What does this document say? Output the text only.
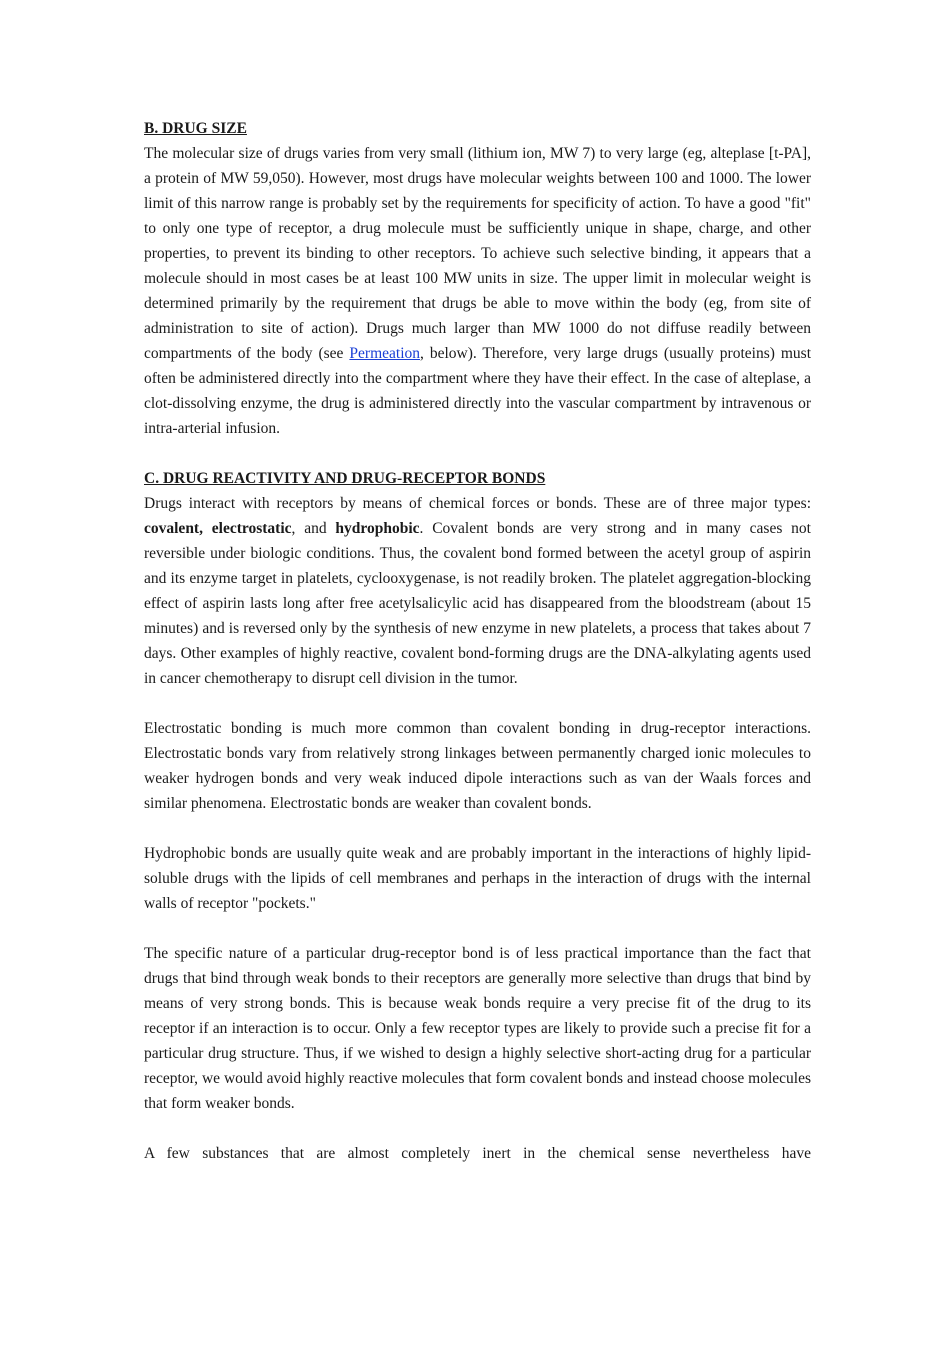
B. DRUG SIZE

The molecular size of drugs varies from very small (lithium ion, MW 7) to very large (eg, alteplase [t-PA], a protein of MW 59,050). However, most drugs have molecular weights between 100 and 1000. The lower limit of this narrow range is probably set by the requirements for specificity of action. To have a good "fit" to only one type of receptor, a drug molecule must be sufficiently unique in shape, charge, and other properties, to prevent its binding to other receptors. To achieve such selective binding, it appears that a molecule should in most cases be at least 100 MW units in size. The upper limit in molecular weight is determined primarily by the requirement that drugs be able to move within the body (eg, from site of administration to site of action). Drugs much larger than MW 1000 do not diffuse readily between compartments of the body (see Permeation, below). Therefore, very large drugs (usually proteins) must often be administered directly into the compartment where they have their effect. In the case of alteplase, a clot-dissolving enzyme, the drug is administered directly into the vascular compartment by intravenous or intra-arterial infusion.

C. DRUG REACTIVITY AND DRUG-RECEPTOR BONDS

Drugs interact with receptors by means of chemical forces or bonds. These are of three major types: covalent, electrostatic, and hydrophobic. Covalent bonds are very strong and in many cases not reversible under biologic conditions. Thus, the covalent bond formed between the acetyl group of aspirin and its enzyme target in platelets, cyclooxygenase, is not readily broken. The platelet aggregation-blocking effect of aspirin lasts long after free acetylsalicylic acid has disappeared from the bloodstream (about 15 minutes) and is reversed only by the synthesis of new enzyme in new platelets, a process that takes about 7 days. Other examples of highly reactive, covalent bond-forming drugs are the DNA-alkylating agents used in cancer chemotherapy to disrupt cell division in the tumor.

Electrostatic bonding is much more common than covalent bonding in drug-receptor interactions. Electrostatic bonds vary from relatively strong linkages between permanently charged ionic molecules to weaker hydrogen bonds and very weak induced dipole interactions such as van der Waals forces and similar phenomena. Electrostatic bonds are weaker than covalent bonds.

Hydrophobic bonds are usually quite weak and are probably important in the interactions of highly lipid-soluble drugs with the lipids of cell membranes and perhaps in the interaction of drugs with the internal walls of receptor "pockets."

The specific nature of a particular drug-receptor bond is of less practical importance than the fact that drugs that bind through weak bonds to their receptors are generally more selective than drugs that bind by means of very strong bonds. This is because weak bonds require a very precise fit of the drug to its receptor if an interaction is to occur. Only a few receptor types are likely to provide such a precise fit for a particular drug structure. Thus, if we wished to design a highly selective short-acting drug for a particular receptor, we would avoid highly reactive molecules that form covalent bonds and instead choose molecules that form weaker bonds.

A few substances that are almost completely inert in the chemical sense nevertheless have
